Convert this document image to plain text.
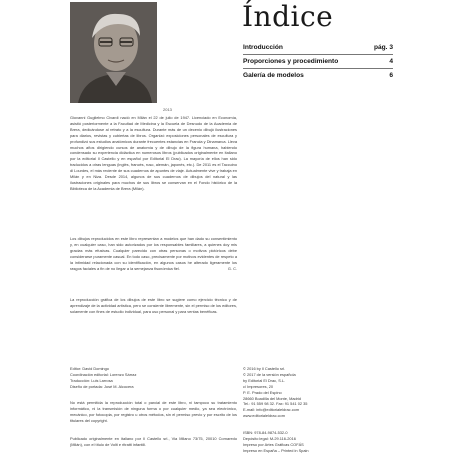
2013
Índice
Introducción	pág. 3
Proporciones y procedimiento	4
Galería de modelos	6

Giovanni Guglielmo Civardi nació en Milán el 22 de julio de 1947. Licenciado en Economía, asistió posteriormente a la Facultad de Medicina y la Escuela de Desnudo de la Academia de Brera, dedicándose al retrato y a la escultura. Durante más de un decenio dibujó ilustraciones para diarios, revistas y cubiertas de libros. Organizó exposiciones personales de escultura y profundizó sus estudios anatómicos durante frecuentes estancias en Francia y Dinamarca. Lleva muchos años dirigiendo cursos de anatomía y de dibujo de la figura humana, habiendo condensado su experiencia didáctica en numerosos libros (publicados originalmente en italiano por la editorial Il Castello y en español por Editorial El Drac). La mayoría de ellos han sido traducidos a otras lenguas (inglés, francés, ruso, alemán, japonés, etc.). De 2011 es el Taccuino di Lourdes, el más reciente de sus cuadernos de apuntes de viaje. Actualmente vive y trabaja en Milán y en Niza. Desde 2014, algunos de sus cuadernos de dibujos del natural y las ilustraciones originales para muchos de sus libros se conservan en el Fondo histórico de la Biblioteca de la Academia de Brera (Milán).

Los dibujos reproducidos en este libro representan a modelos que han dado su consentimiento y, en cualquier caso, han sido autorizados por los responsables familiares, a quienes doy mis gracias más efusivas. Cualquier parecido con otras personas o motivos pictóricos debe considerarse puramente casual. En todo caso, precisamente por motivos evidentes de respeto a la intimidad relacionada con su identificación, en algunos casos he alterado ligeramente los rasgos faciales a fin de no llegar a la semejanza fisonómica fiel.	G. C.

La reproducción gráfica de los dibujos de este libro se sugiere como ejercicio técnico y de aprendizaje de la actividad artística, pero se consiente libremente, sin el permiso de los editores, solamente con fines de estudio individual, para uso personal y para ventas benéficas.

Editor: David Domingo
Coordinación editorial: Lorenzo Sárraz
Traducción: Luis Larrosa
Diseño de portada: José M. Alcocera

No está permitida la reproducción total o parcial de este libro, ni tampoco su tratamiento informático, ni la transmisión de ninguna forma o por cualquier medio, ya sea electrónico, mecánico, por fotocopia, por registro u otros métodos, sin el permiso previo y por escrito de los titulares del copyright.

Publicado originalmente en italiano por Il Castello srl., Via Milano 73/75, 20010 Cornaredo (Milán), con el título de Volti e ritratti infantili.

© 2016 by Il Castello srl.
© 2017 de la versión española
by Editorial El Drac, S.L.
c/ Impresores, 20
P. E. Prado del Espino
28660 Boadilla del Monte, Madrid
Tel.: 91 559 98 32. Fax: 91 541 02 35
E-mail: info@editorialeldrac.com
www.editorialeldrac.com
ISBN: 978-84-9874-532-0
Depósito legal: M-29.116-2016
Impreso por Artes Gráficas COFÁS
Impreso en España – Printed in Spain
